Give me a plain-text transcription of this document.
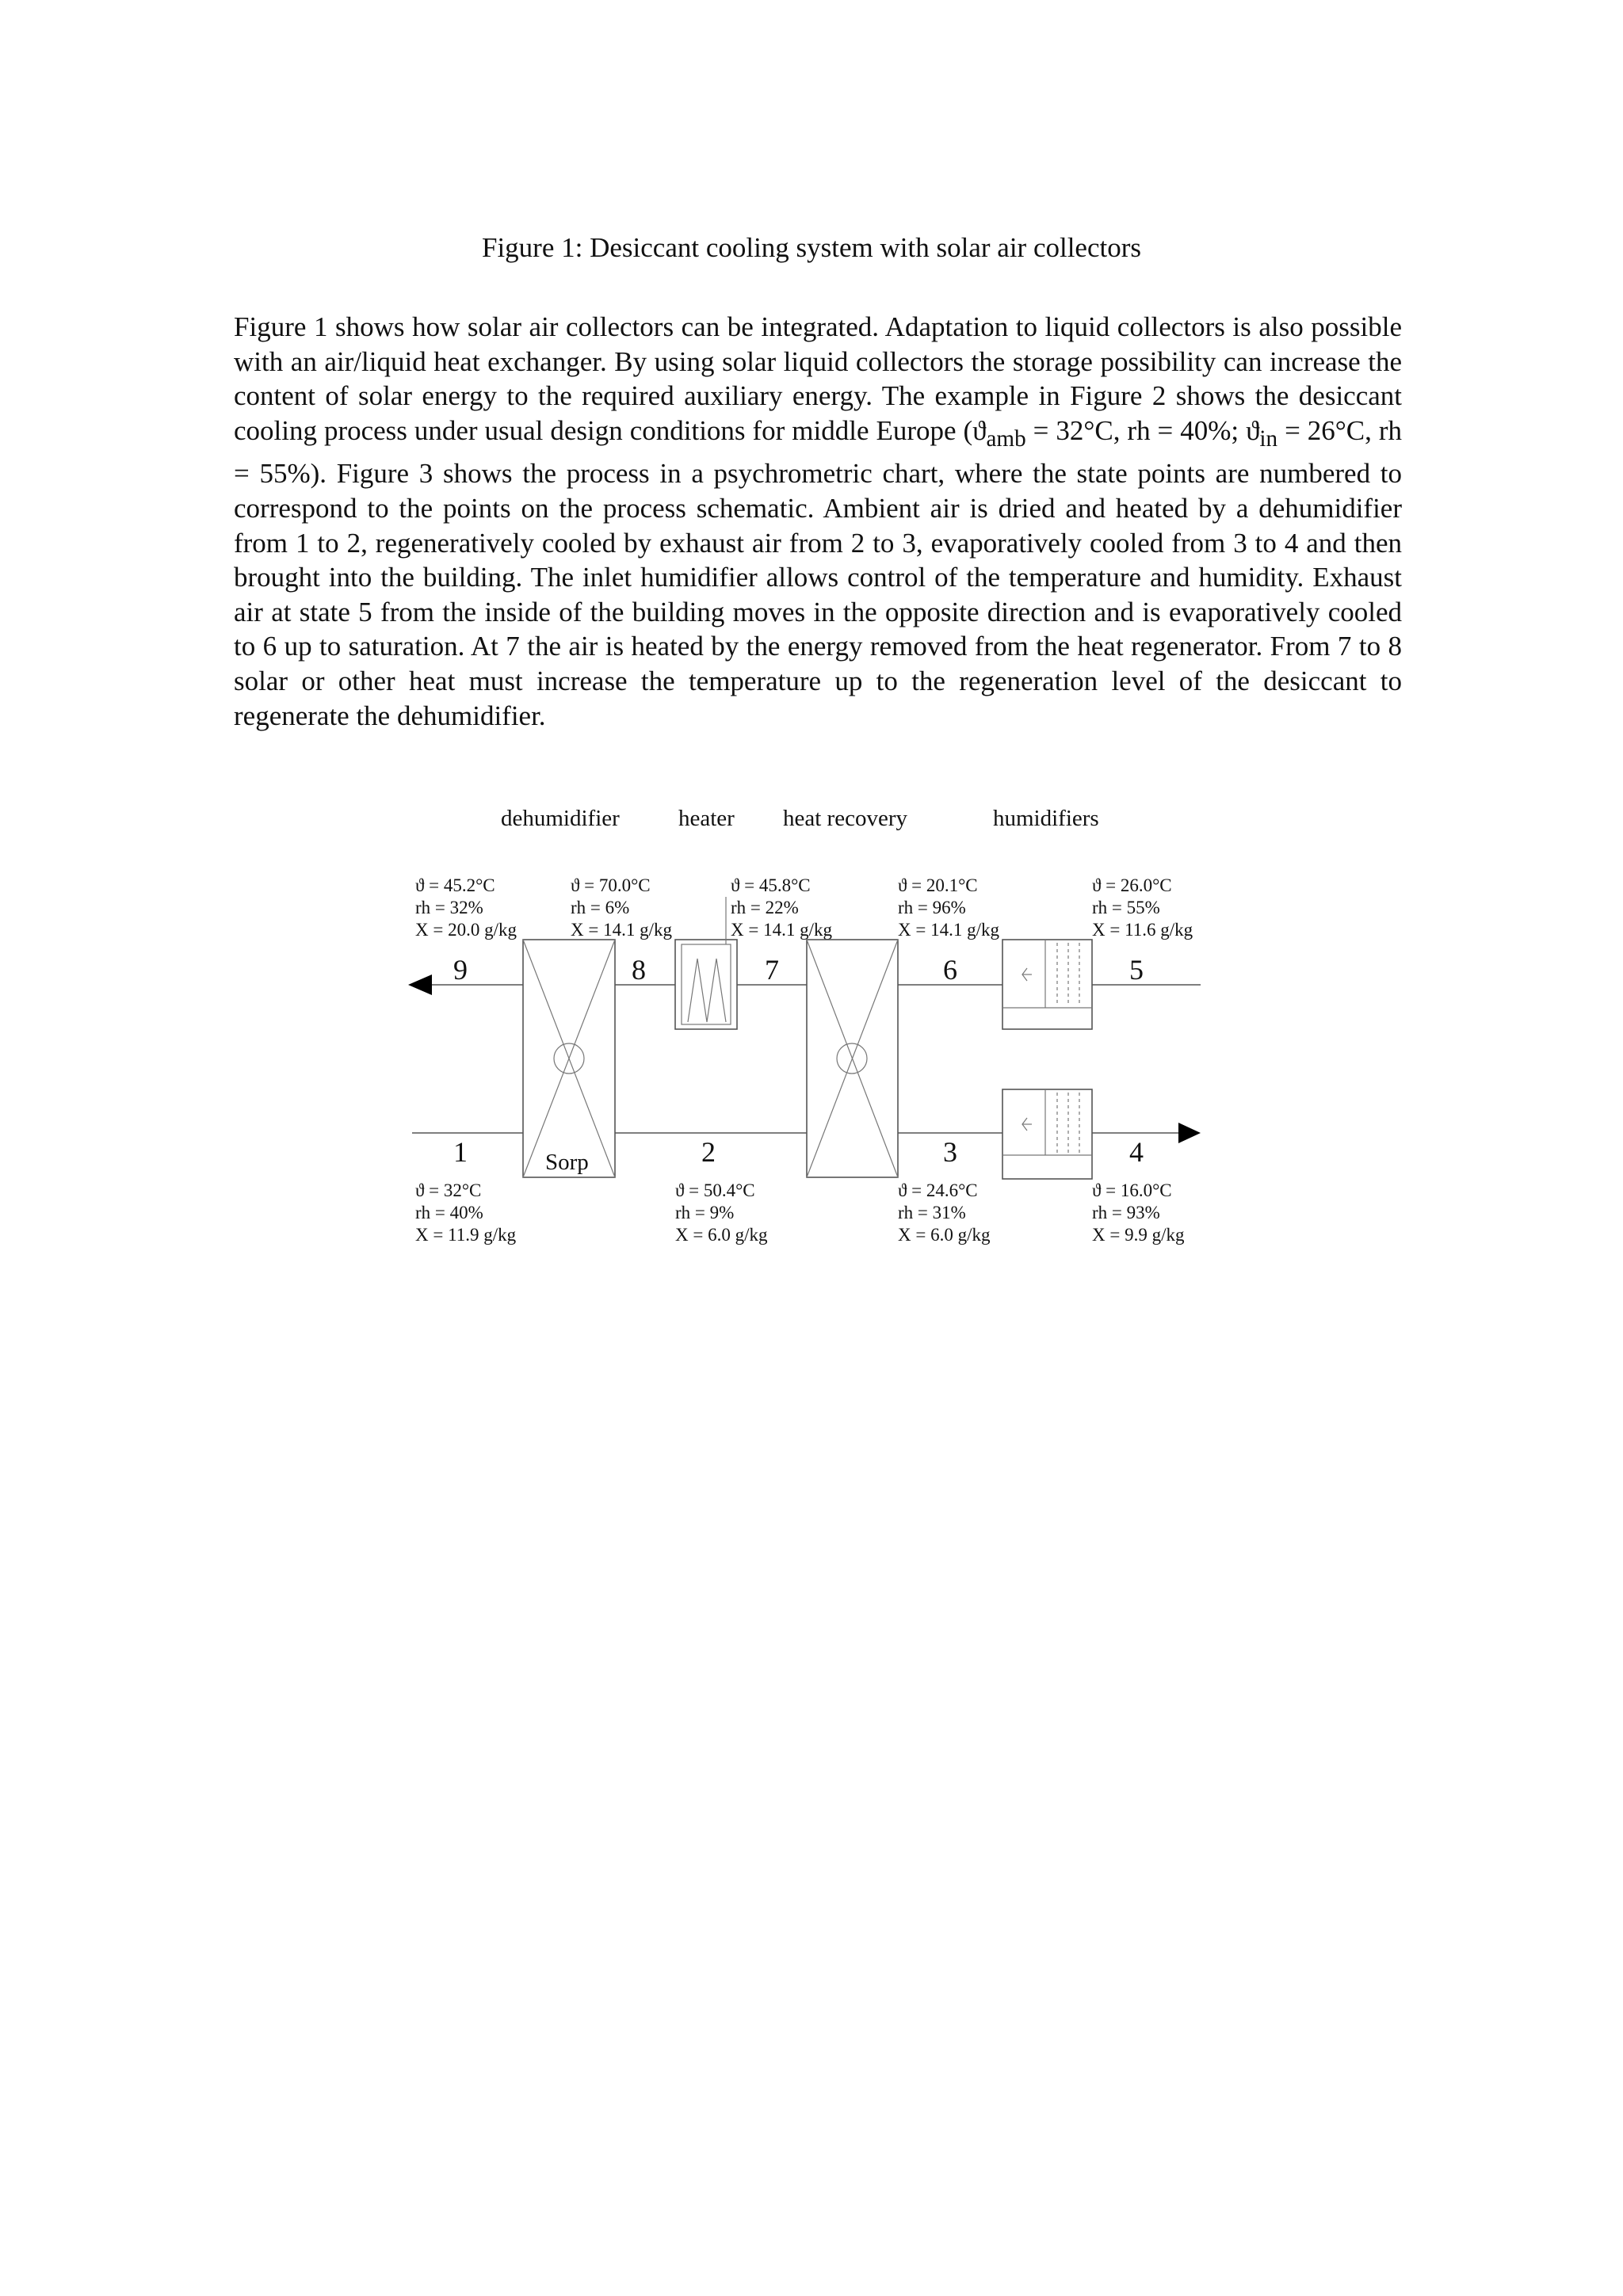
Figure 1: Desiccant cooling system with solar air collectors

Figure 1 shows how solar air collectors can be integrated. Adaptation to liquid collectors is also possible with an air/liquid heat exchanger. By using solar liquid collectors the storage possibility can increase the content of solar energy to the required auxiliary energy. The example in Figure 2 shows the desiccant cooling process under usual design conditions for middle Europe ($ϑ_{amb} = 32^\circ C$, rh = 40%; $ϑ_{in} = 26^\circ C$, rh = 55%). Figure 3 shows the process in a psychrometric chart, where the state points are numbered to correspond to the points on the process schematic. Ambient air is dried and heated by a dehumidifier from 1 to 2, regeneratively cooled by exhaust air from 2 to 3, evaporatively cooled from 3 to 4 and then brought into the building. The inlet humidifier allows control of the temperature and humidity. Exhaust air at state 5 from the inside of the building moves in the opposite direction and is evaporatively cooled to 6 up to saturation. At 7 the air is heated by the energy removed from the heat regenerator. From 7 to 8 solar or other heat must increase the temperature up to the regeneration level of the desiccant to regenerate the dehumidifier.

dehumidifier	heater heat recovery	humidifiers
ϑ = 45.2°C
rh = 32%
X = 20.0 g/kg
ϑ = 70.0°C
rh = 6%
X = 14.1 g/kg
ϑ = 45.8°C
rh = 22%
X = 14.1 g/kg
ϑ = 20.1°C
rh = 96%
X = 14.1 g/kg
ϑ = 26.0°C
rh = 55%
X = 11.6 g/kg
Sorp
9	8	7	6	5
1	2	3	4
ϑ = 32°C
rh = 40%
X = 11.9 g/kg
ϑ = 50.4°C
rh = 9%
X = 6.0 g/kg
ϑ = 24.6°C
rh = 31%
X = 6.0 g/kg
ϑ = 16.0°C
rh = 93%
X = 9.9 g/kg
